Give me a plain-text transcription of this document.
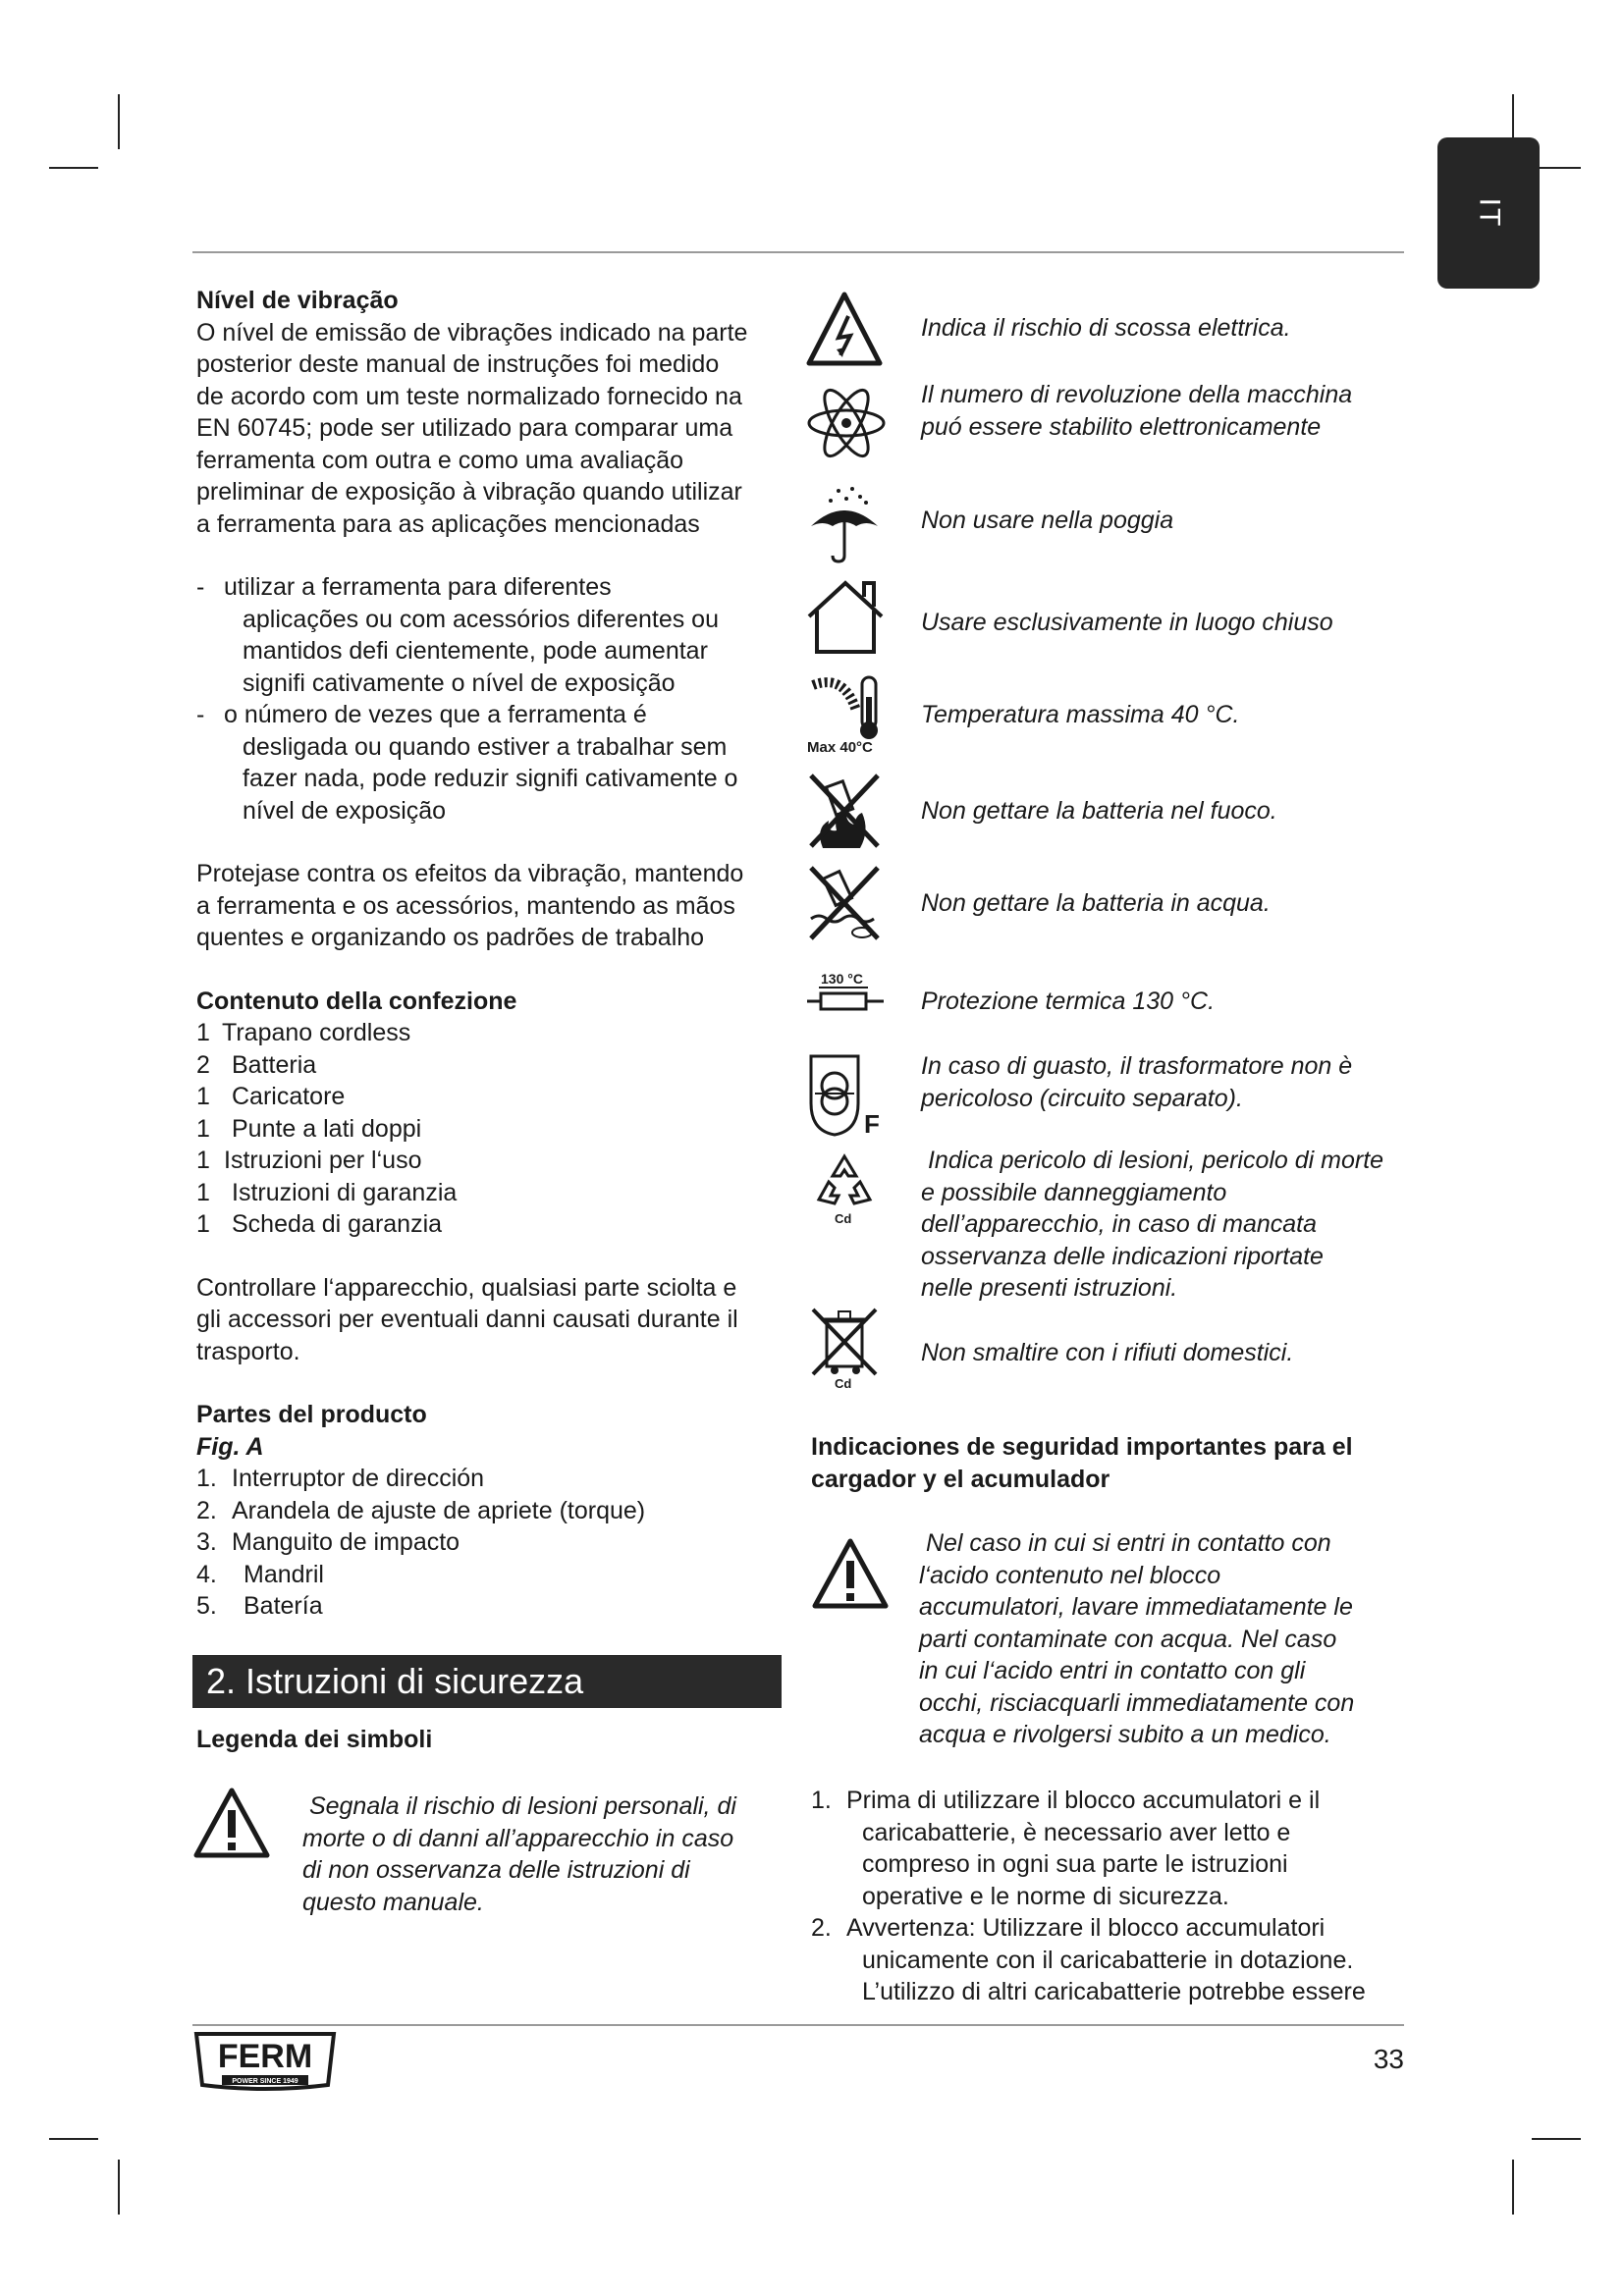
IT
Nível de vibração
O nível de emissão de vibrações indicado na parte
posterior deste manual de instruções foi medido
de acordo com um teste normalizado fornecido na
EN 60745; pode ser utilizado para comparar uma
ferramenta com outra e como uma avaliação
preliminar de exposição à vibração quando utilizar
a ferramenta para as aplicações mencionadas
- utilizar a ferramenta para diferentes
aplicações ou com acessórios diferentes ou
mantidos defi cientemente, pode aumentar
signifi cativamente o nível de exposição
- o número de vezes que a ferramenta é
desligada ou quando estiver a trabalhar sem
fazer nada, pode reduzir signifi cativamente o
nível de exposição
Protejase contra os efeitos da vibração, mantendo
a ferramenta e os acessórios, mantendo as mãos
quentes e organizando os padrões de trabalho
Contenuto della confezione
1 Trapano cordless
2 Batteria
1 Caricatore
1 Punte a lati doppi
1 Istruzioni per l‘uso
1 Istruzioni di garanzia
1 Scheda di garanzia
Controllare l‘apparecchio, qualsiasi parte sciolta e
gli accessori per eventuali danni causati durante il
trasporto.
Partes del producto
Fig. A
1. Interruptor de dirección
2. Arandela de ajuste de apriete (torque)
3. Manguito de impacto
4.	Mandril
5.	Batería
2. Istruzioni di sicurezza
Legenda dei simboli
Segnala il rischio di lesioni personali, di
morte o di danni all’apparecchio in caso
di non osservanza delle istruzioni di
questo manuale.
Indica il rischio di scossa elettrica.
Il numero di revoluzione della macchina
puó essere stabilito elettronicamente
Non usare nella poggia
Usare esclusivamente in luogo chiuso
Max 40°C
Temperatura massima 40 °C.
Non gettare la batteria nel fuoco.
Non gettare la batteria in acqua.
130 °C
Protezione termica 130 °C.
F
In caso di guasto, il trasformatore non è
pericoloso (circuito separato).
Cd
Indica pericolo di lesioni, pericolo di morte
e possibile danneggiamento
dell’apparecchio, in caso di mancata
osservanza delle indicazioni riportate
nelle presenti istruzioni.
Cd
Non smaltire con i rifiuti domestici.
Indicaciones de seguridad importantes para el
cargador y el acumulador
Nel caso in cui si entri in contatto con
l‘acido contenuto nel blocco
accumulatori, lavare immediatamente le
parti contaminate con acqua. Nel caso
in cui l‘acido entri in contatto con gli
occhi, risciacquarli immediatamente con
acqua e rivolgersi subito a un medico.
1. Prima di utilizzare il blocco accumulatori e il
caricabatterie, è necessario aver letto e
compreso in ogni sua parte le istruzioni
operative e le norme di sicurezza.
2. Avvertenza: Utilizzare il blocco accumulatori
unicamente con il caricabatterie in dotazione.
L’utilizzo di altri caricabatterie potrebbe essere
FERM
POWER SINCE 1949
33
